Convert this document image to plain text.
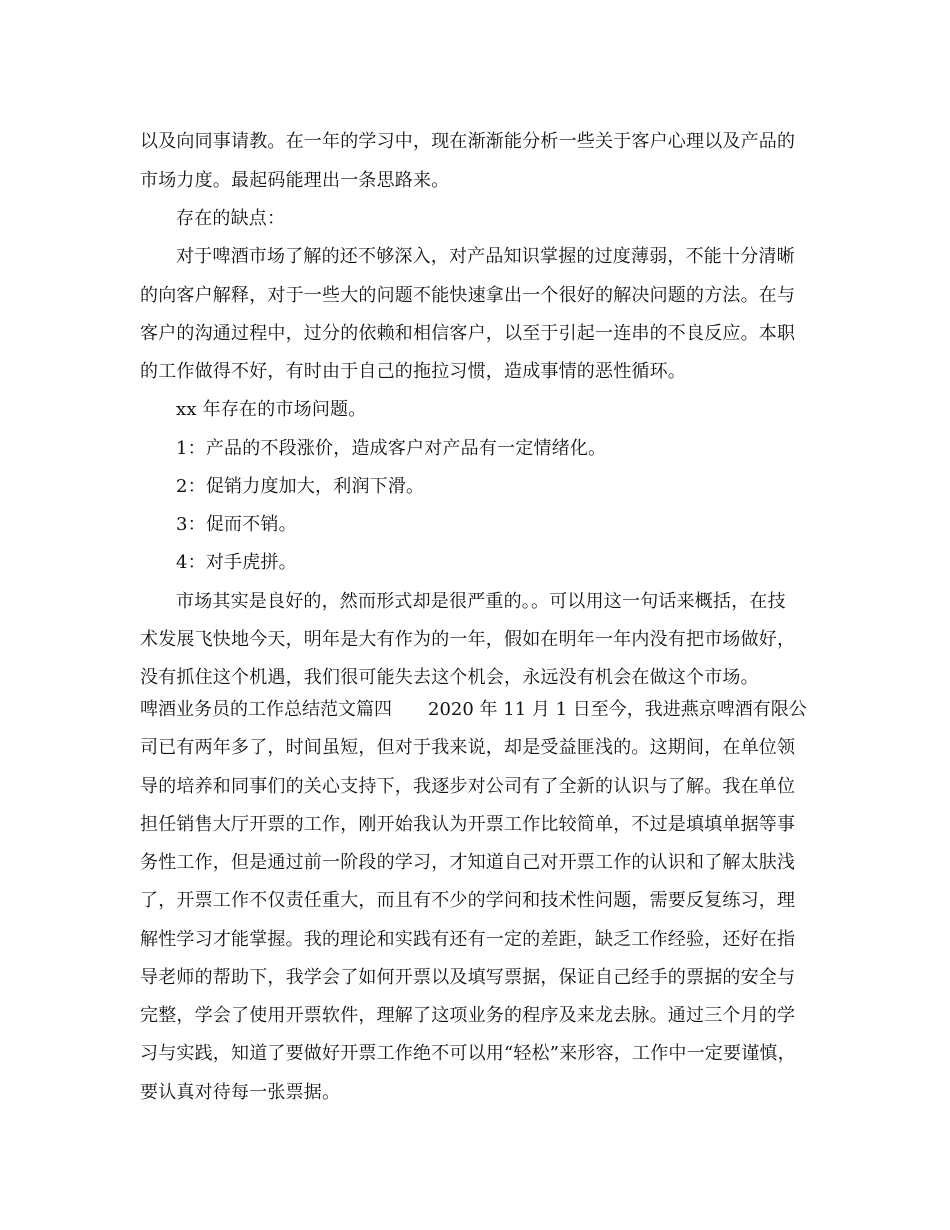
以及向同事请教。在一年的学习中，现在渐渐能分析一些关于客户心理以及产品的
市场力度。最起码能理出一条思路来。
存在的缺点：
对于啤酒市场了解的还不够深入，对产品知识掌握的过度薄弱，不能十分清晰
的向客户解释，对于一些大的问题不能快速拿出一个很好的解决问题的方法。在与
客户的沟通过程中，过分的依赖和相信客户，以至于引起一连串的不良反应。本职
的工作做得不好，有时由于自己的拖拉习惯，造成事情的恶性循环。
xx 年存在的市场问题。
1：产品的不段涨价，造成客户对产品有一定情绪化。
2：促销力度加大，利润下滑。
3：促而不销。
4：对手虎拼。
市场其实是良好的，然而形式却是很严重的。。可以用这一句话来概括，在技
术发展飞快地今天，明年是大有作为的一年，假如在明年一年内没有把市场做好，
没有抓住这个机遇，我们很可能失去这个机会，永远没有机会在做这个市场。
啤酒业务员的工作总结范文篇四 2020 年 11 月 1 日至今，我进燕京啤酒有限公
司已有两年多了，时间虽短，但对于我来说，却是受益匪浅的。这期间，在单位领
导的培养和同事们的关心支持下，我逐步对公司有了全新的认识与了解。我在单位
担任销售大厅开票的工作，刚开始我认为开票工作比较简单，不过是填填单据等事
务性工作，但是通过前一阶段的学习，才知道自己对开票工作的认识和了解太肤浅
了，开票工作不仅责任重大，而且有不少的学问和技术性问题，需要反复练习，理
解性学习才能掌握。我的理论和实践有还有一定的差距，缺乏工作经验，还好在指
导老师的帮助下，我学会了如何开票以及填写票据，保证自己经手的票据的安全与
完整，学会了使用开票软件，理解了这项业务的程序及来龙去脉。通过三个月的学
习与实践，知道了要做好开票工作绝不可以用“轻松”来形容，工作中一定要谨慎，
要认真对待每一张票据。
